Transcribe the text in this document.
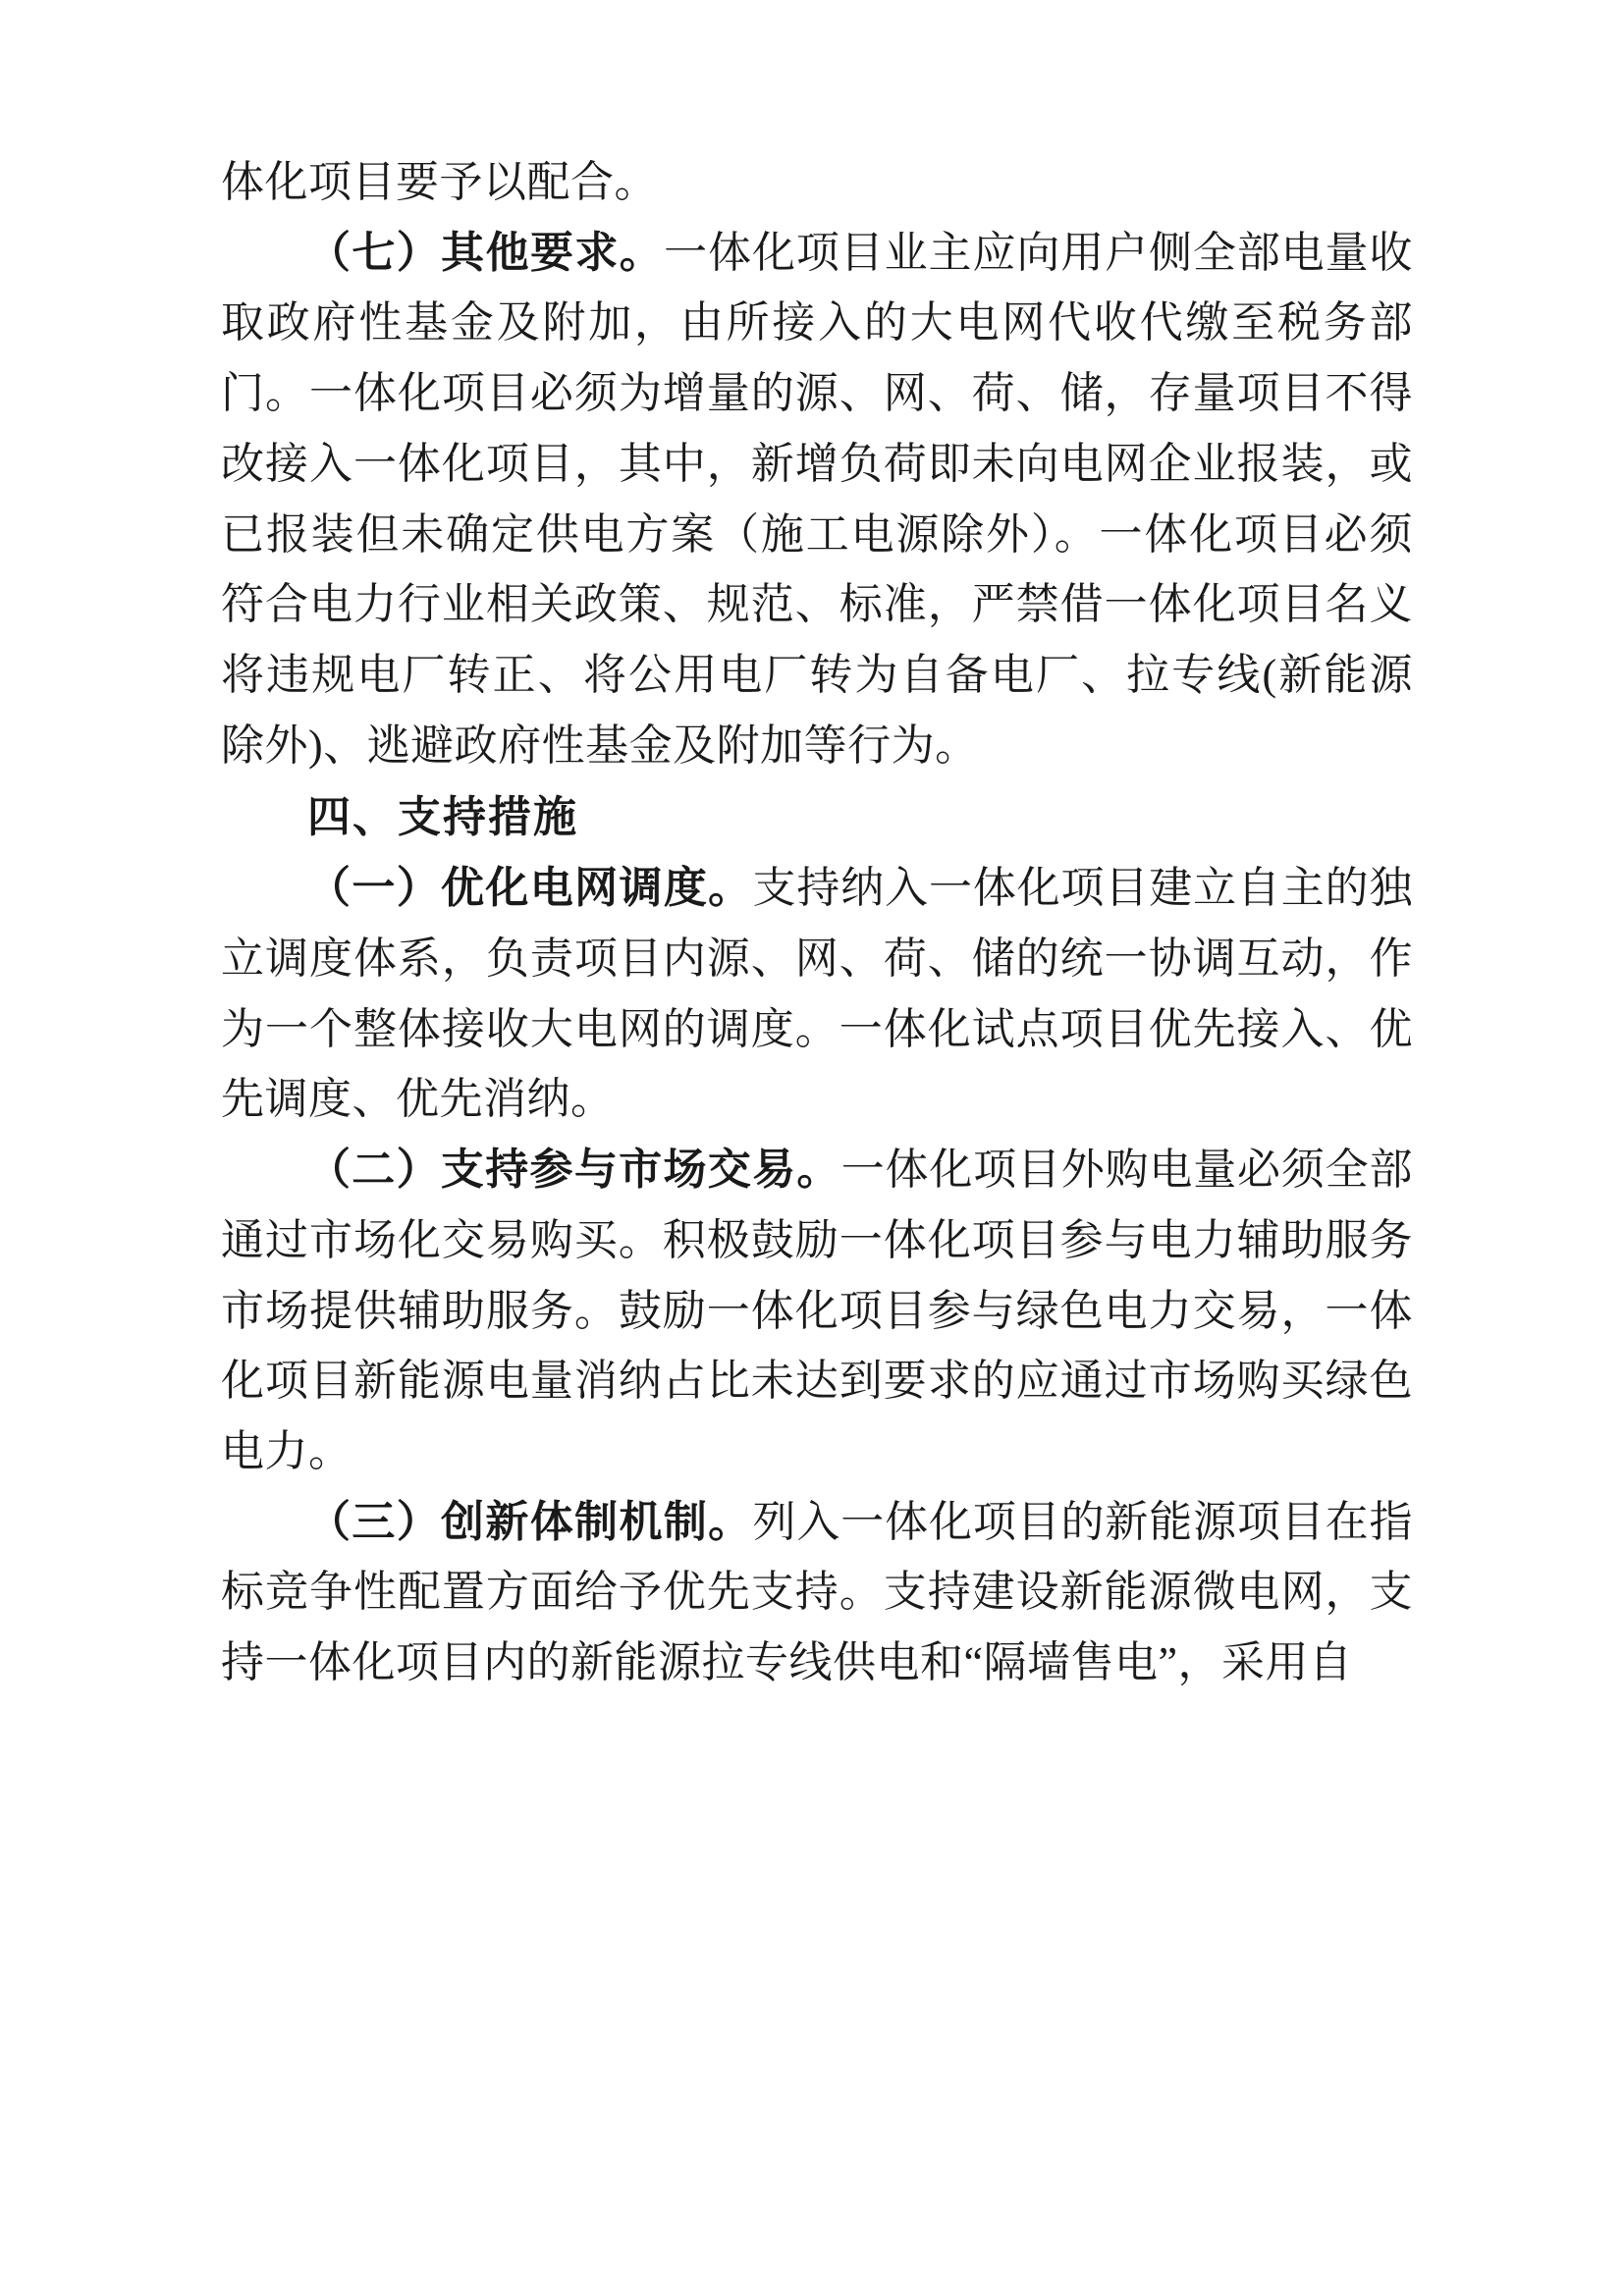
体化项目要予以配合。

（七）其他要求。一体化项目业主应向用户侧全部电量收取政府性基金及附加，由所接入的大电网代收代缴至税务部门。一体化项目必须为增量的源、网、荷、储，存量项目不得改接入一体化项目，其中，新增负荷即未向电网企业报装，或已报装但未确定供电方案（施工电源除外）。一体化项目必须符合电力行业相关政策、规范、标准，严禁借一体化项目名义将违规电厂转正、将公用电厂转为自备电厂、拉专线(新能源除外)、逃避政府性基金及附加等行为。

四、支持措施

（一）优化电网调度。支持纳入一体化项目建立自主的独立调度体系，负责项目内源、网、荷、储的统一协调互动，作为一个整体接收大电网的调度。一体化试点项目优先接入、优先调度、优先消纳。

（二）支持参与市场交易。一体化项目外购电量必须全部通过市场化交易购买。积极鼓励一体化项目参与电力辅助服务市场提供辅助服务。鼓励一体化项目参与绿色电力交易，一体化项目新能源电量消纳占比未达到要求的应通过市场购买绿色电力。

（三）创新体制机制。列入一体化项目的新能源项目在指标竞争性配置方面给予优先支持。支持建设新能源微电网，支持一体化项目内的新能源拉专线供电和“隔墙售电”，采用自
